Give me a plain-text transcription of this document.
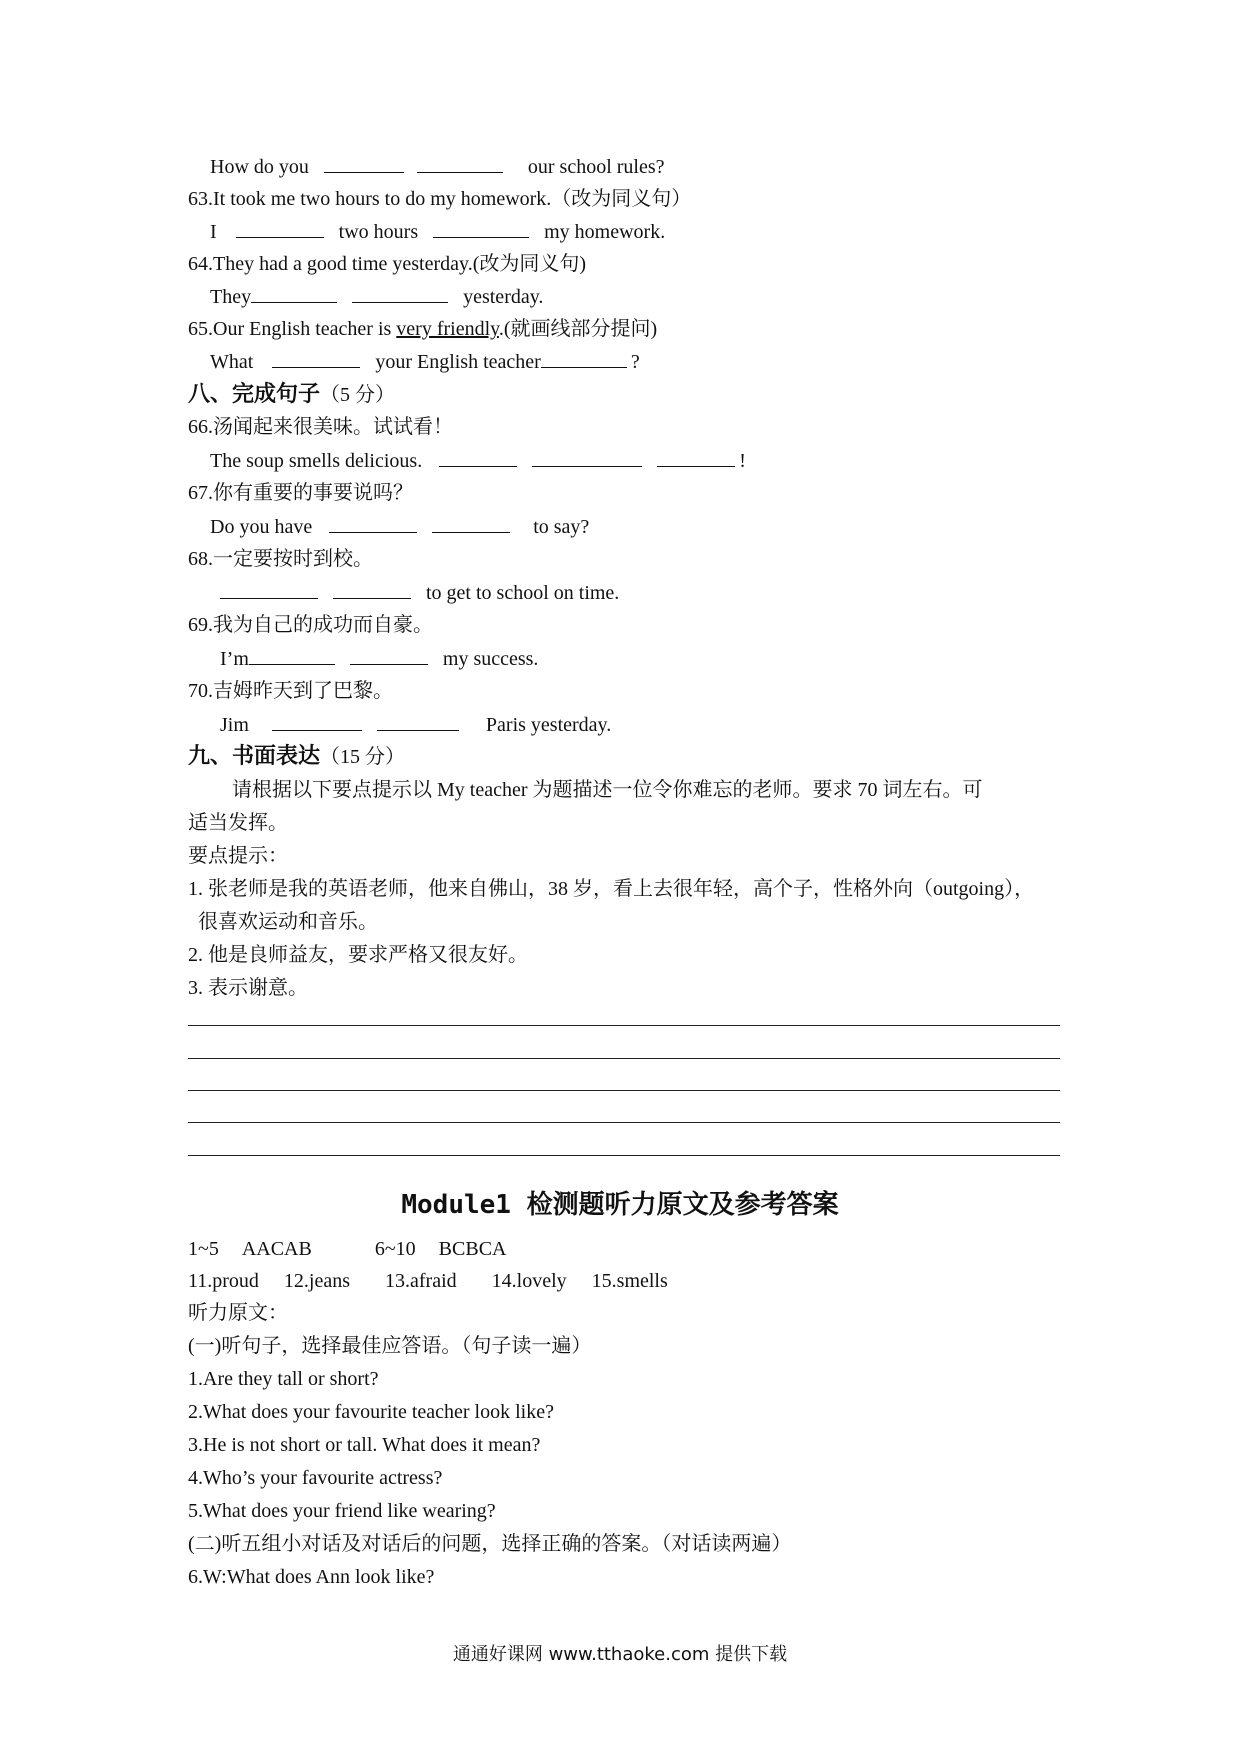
How do you	our school rules?
63.It took me two hours to do my homework.（改为同义句）
I	two hours	my homework.
64.They had a good time yesterday.(改为同义句)
They	yesterday.
65.Our English teacher is very friendly.(就画线部分提问)
What	your English teacher	?
八、完成句子（5 分）
66.汤闻起来很美味。试试看！
The soup smells delicious.	!
67.你有重要的事要说吗？
Do you have	to say?
68.一定要按时到校。
to get to school on time.
69.我为自己的成功而自豪。
I’m	my success.
70.吉姆昨天到了巴黎。
Jim	Paris yesterday.
九、书面表达（15 分）
请根据以下要点提示以 My teacher 为题描述一位令你难忘的老师。要求 70 词左右。可
适当发挥。
要点提示：
1. 张老师是我的英语老师，他来自佛山，38 岁，看上去很年轻，高个子，性格外向（outgoing），
很喜欢运动和音乐。
2. 他是良师益友，要求严格又很友好。
3. 表示谢意。
Module1 检测题听力原文及参考答案
1~5 AACAB	6~10 BCBCA
11.proud 12.jeans 13.afraid 14.lovely 15.smells
听力原文：
(一)听句子，选择最佳应答语。（句子读一遍）
1.Are they tall or short?
2.What does your favourite teacher look like?
3.He is not short or tall. What does it mean?
4.Who’s your favourite actress?
5.What does your friend like wearing?
(二)听五组小对话及对话后的问题，选择正确的答案。（对话读两遍）
6.W:What does Ann look like?
通通好课网 www.tthaoke.com 提供下载
